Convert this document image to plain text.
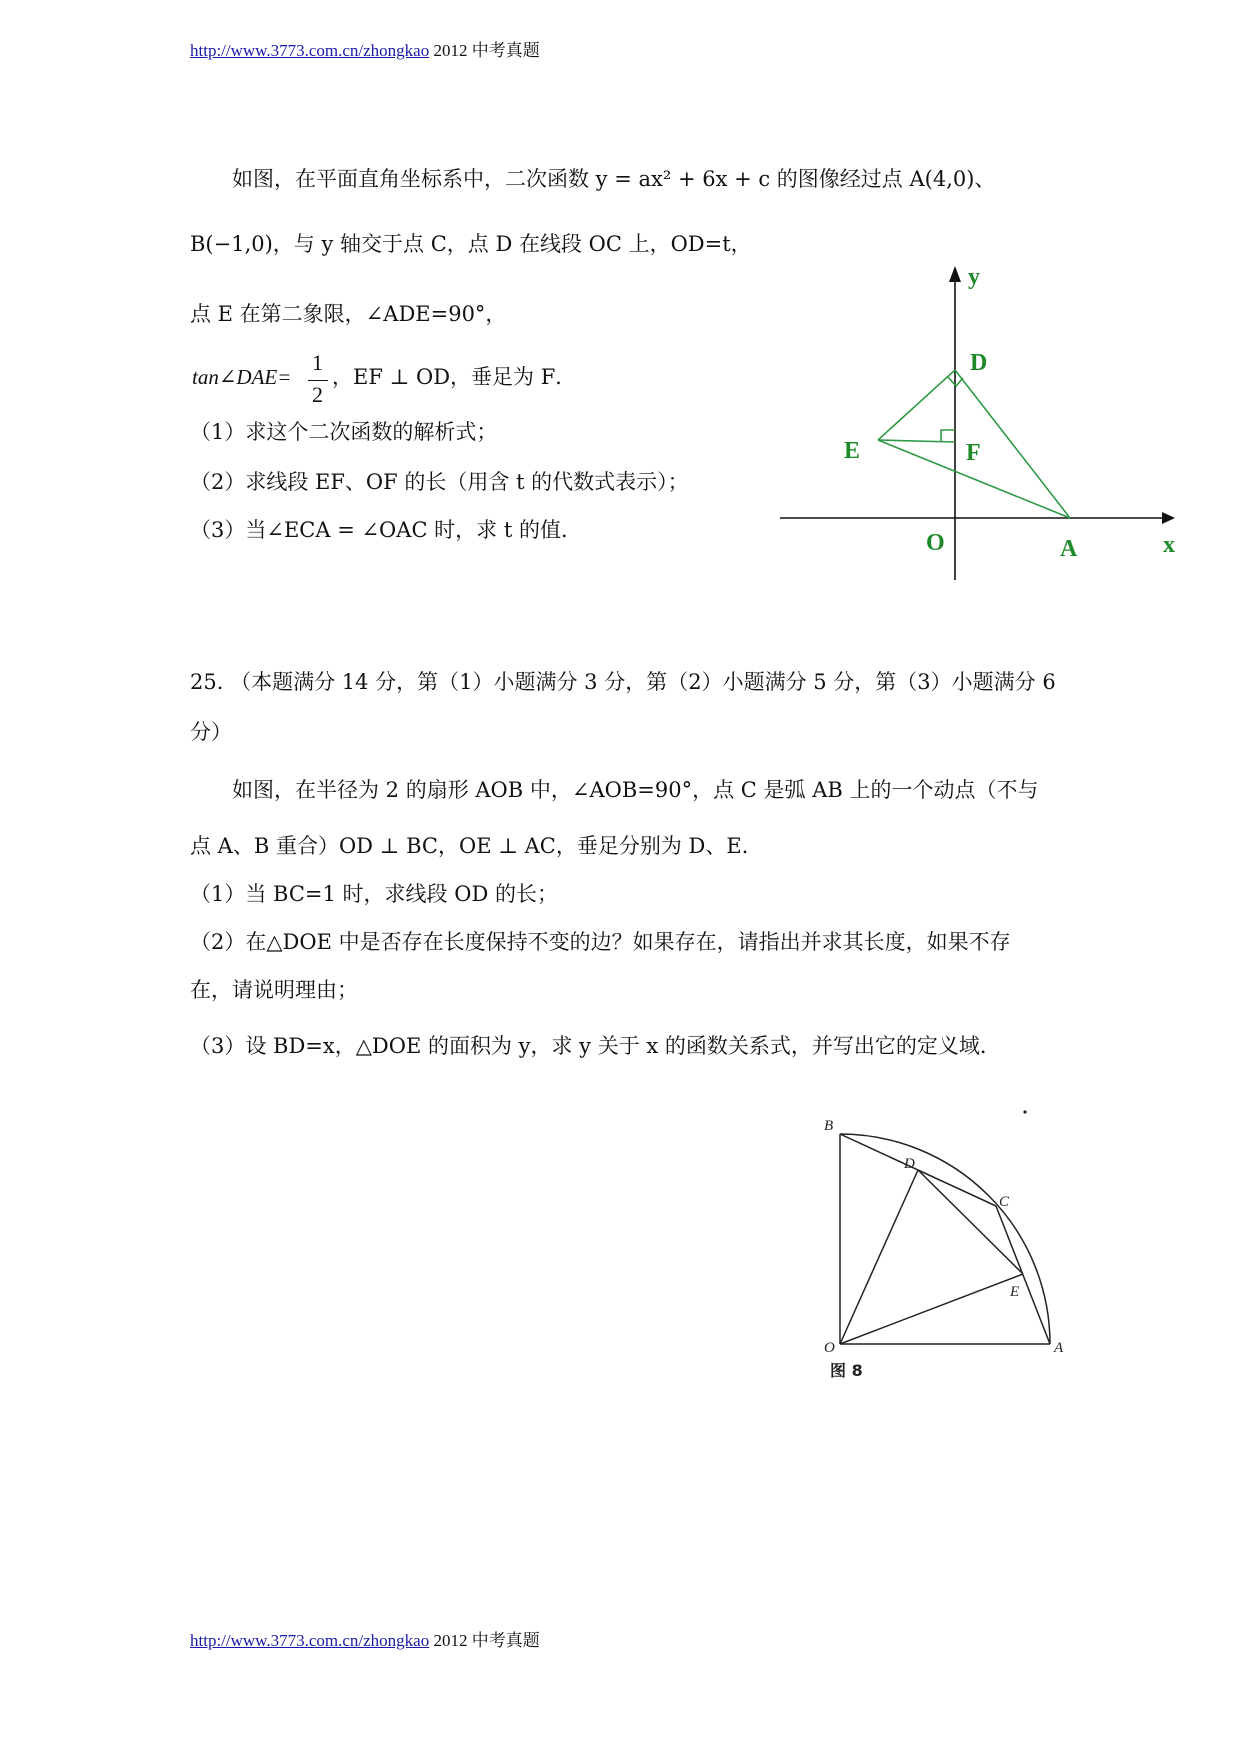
http://www.3773.com.cn/zhongkao 2012 中考真题
如图，在平面直角坐标系中，二次函数 y = ax² + 6x + c 的图像经过点 A(4,0)、
B(−1,0)，与 y 轴交于点 C，点 D 在线段 OC 上，OD=t，
点 E 在第二象限，∠ADE=90°，
tan∠DAE=
1
2
，EF ⊥ OD，垂足为 F．
（1）求这个二次函数的解析式；
（2）求线段 EF、OF 的长（用含 t 的代数式表示）；
（3）当∠ECA = ∠OAC 时，求 t 的值．
y
D
E	F
O	A	x
25. （本题满分 14 分，第（1）小题满分 3 分，第（2）小题满分 5 分，第（3）小题满分 6
分）
如图，在半径为 2 的扇形 AOB 中，∠AOB=90°，点 C 是弧 AB 上的一个动点（不与
点 A、B 重合）OD ⊥ BC，OE ⊥ AC，垂足分别为 D、E．
（1）当 BC=1 时，求线段 OD 的长；
（2）在△DOE 中是否存在长度保持不变的边？如果存在，请指出并求其长度，如果不存
在，请说明理由；
（3）设 BD=x，△DOE 的面积为 y，求 y 关于 x 的函数关系式，并写出它的定义域．
B
D
C
E
O	A
图 8
http://www.3773.com.cn/zhongkao 2012 中考真题
